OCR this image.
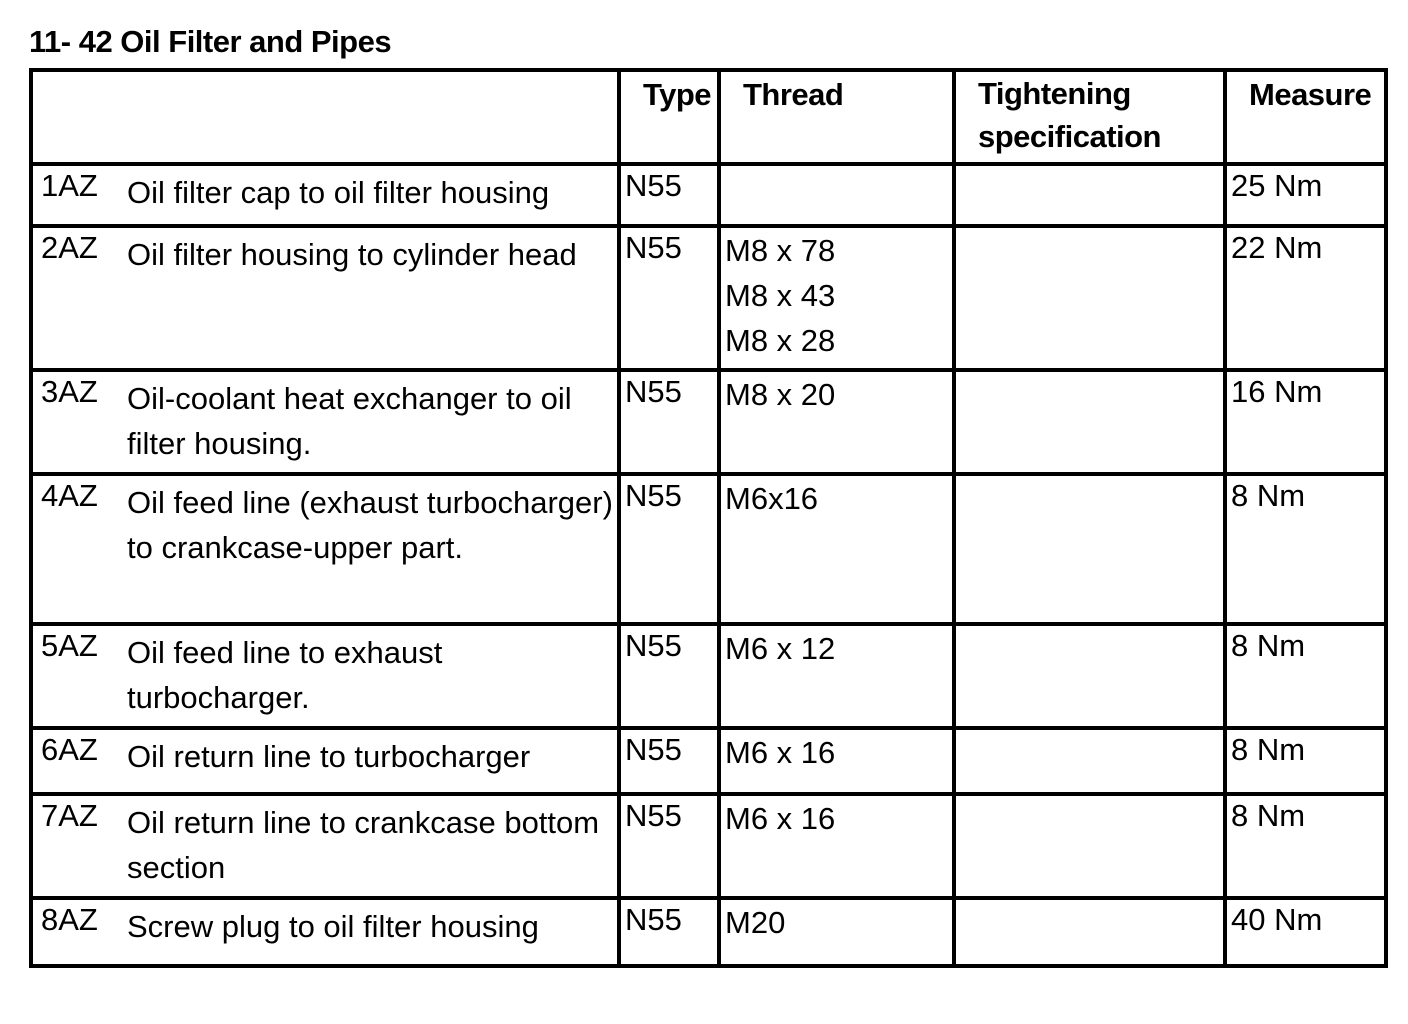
11- 42 Oil Filter and Pipes
	Type	Thread	Tightening specification	Measure

1AZ Oil filter cap to oil filter housing	N55			25 Nm

2AZ Oil filter housing to cylinder head	N55	M8 x 78
M8 x 43
M8 x 28		22 Nm

3AZ Oil-coolant heat exchanger to oil filter housing.	N55	M8 x 20		16 Nm

4AZ Oil feed line (exhaust turbocharger) to crankcase-upper part.	N55	M6x16		8 Nm

5AZ Oil feed line to exhaust turbocharger.	N55	M6 x 12		8 Nm

6AZ Oil return line to turbocharger	N55	M6 x 16		8 Nm

7AZ Oil return line to crankcase bottom section	N55	M6 x 16		8 Nm

8AZ Screw plug to oil filter housing	N55	M20		40 Nm
